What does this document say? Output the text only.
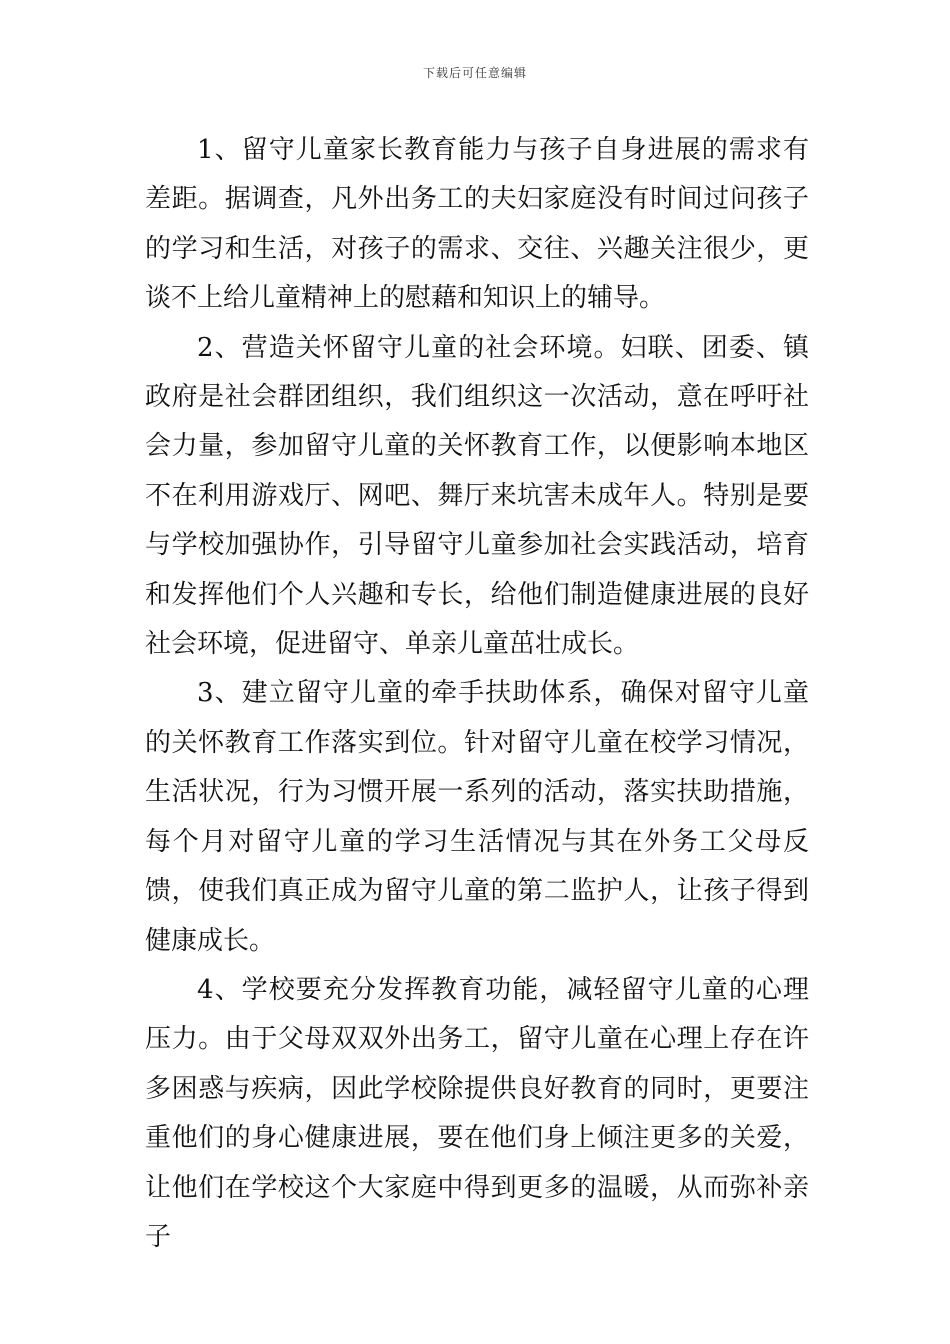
下载后可任意编辑

1、留守儿童家长教育能力与孩子自身进展的需求有差距。据调查，凡外出务工的夫妇家庭没有时间过问孩子的学习和生活，对孩子的需求、交往、兴趣关注很少，更谈不上给儿童精神上的慰藉和知识上的辅导。

2、营造关怀留守儿童的社会环境。妇联、团委、镇政府是社会群团组织，我们组织这一次活动，意在呼吁社会力量，参加留守儿童的关怀教育工作，以便影响本地区不在利用游戏厅、网吧、舞厅来坑害未成年人。特别是要与学校加强协作，引导留守儿童参加社会实践活动，培育和发挥他们个人兴趣和专长，给他们制造健康进展的良好社会环境，促进留守、单亲儿童茁壮成长。

3、建立留守儿童的牵手扶助体系，确保对留守儿童的关怀教育工作落实到位。针对留守儿童在校学习情况，生活状况，行为习惯开展一系列的活动，落实扶助措施，每个月对留守儿童的学习生活情况与其在外务工父母反馈，使我们真正成为留守儿童的第二监护人，让孩子得到健康成长。

4、学校要充分发挥教育功能，减轻留守儿童的心理压力。由于父母双双外出务工，留守儿童在心理上存在许多困惑与疾病，因此学校除提供良好教育的同时，更要注重他们的身心健康进展，要在他们身上倾注更多的关爱，让他们在学校这个大家庭中得到更多的温暖，从而弥补亲子
